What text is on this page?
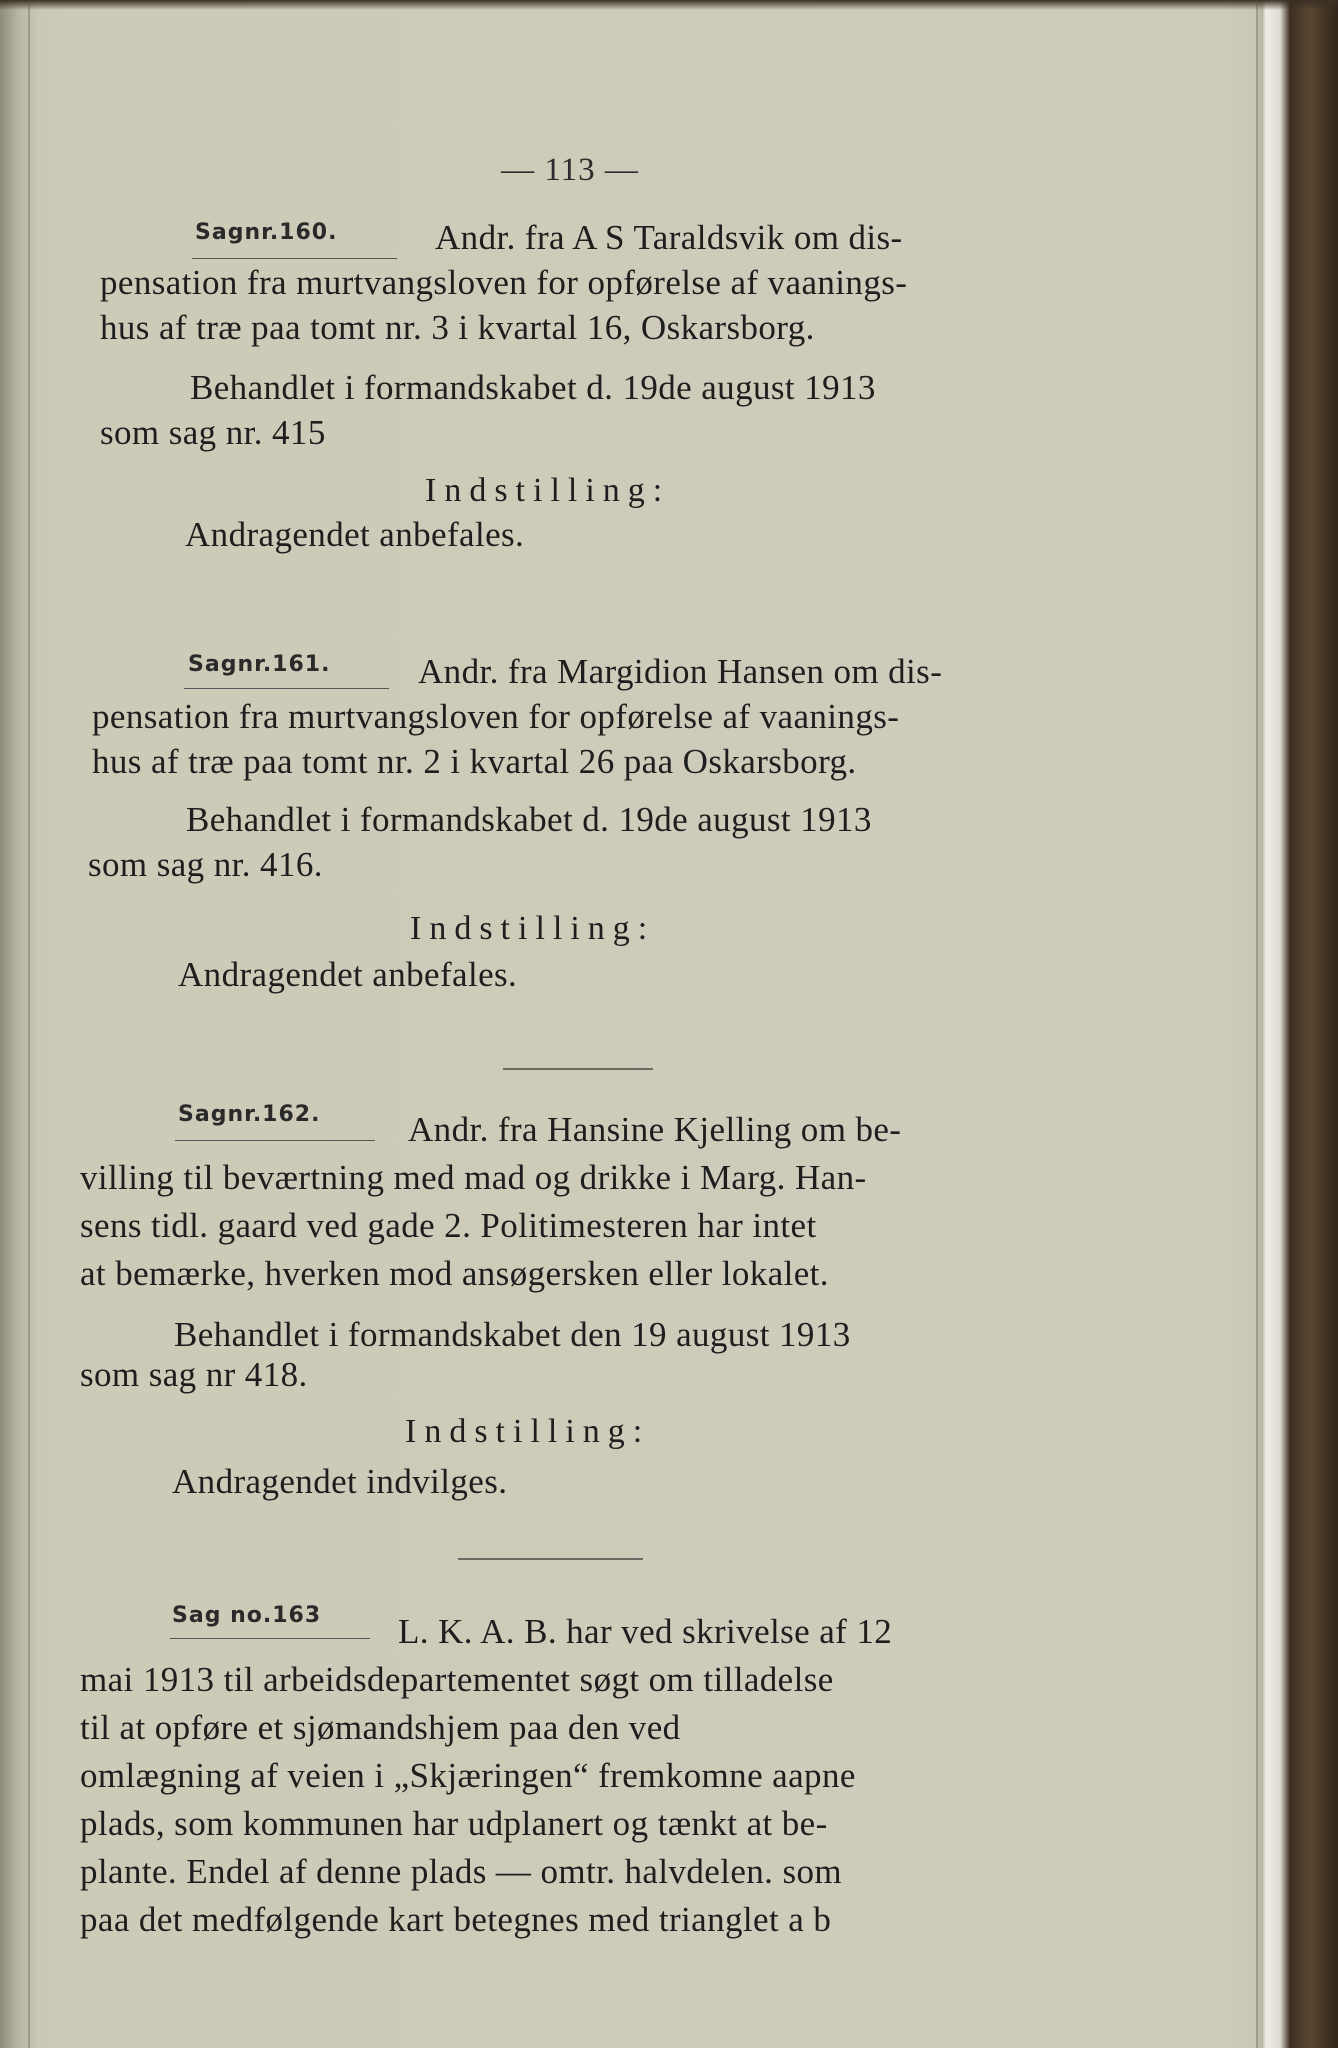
— 113 —
Sagnr.160.	Andr. fra A S Taraldsvik om dis-
pensation fra murtvangsloven for opførelse af vaanings-
hus af træ paa tomt nr. 3 i kvartal 16, Oskarsborg.
Behandlet i formandskabet d. 19de august 1913
som sag nr. 415
Indstilling:
Andragendet anbefales.
Sagnr.161.	Andr. fra Margidion Hansen om dis-
pensation fra murtvangsloven for opførelse af vaanings-
hus af træ paa tomt nr. 2 i kvartal 26 paa Oskarsborg.
Behandlet i formandskabet d. 19de august 1913
som sag nr. 416.
Indstilling:
Andragendet anbefales.
Sagnr.162.	Andr. fra Hansine Kjelling om be-
villing til beværtning med mad og drikke i Marg. Han-
sens tidl. gaard ved gade 2. Politimesteren har intet
at bemærke, hverken mod ansøgersken eller lokalet.
Behandlet i formandskabet den 19 august 1913
som sag nr 418.
Indstilling:
Andragendet indvilges.
Sag no.163 L. K. A. B. har ved skrivelse af 12
mai 1913 til arbeidsdepartementet søgt om tilladelse
til at opføre et sjømandshjem paa den ved
omlægning af veien i „Skjæringen“ fremkomne aapne
plads, som kommunen har udplanert og tænkt at be-
plante. Endel af denne plads — omtr. halvdelen. som
paa det medfølgende kart betegnes med trianglet a b
